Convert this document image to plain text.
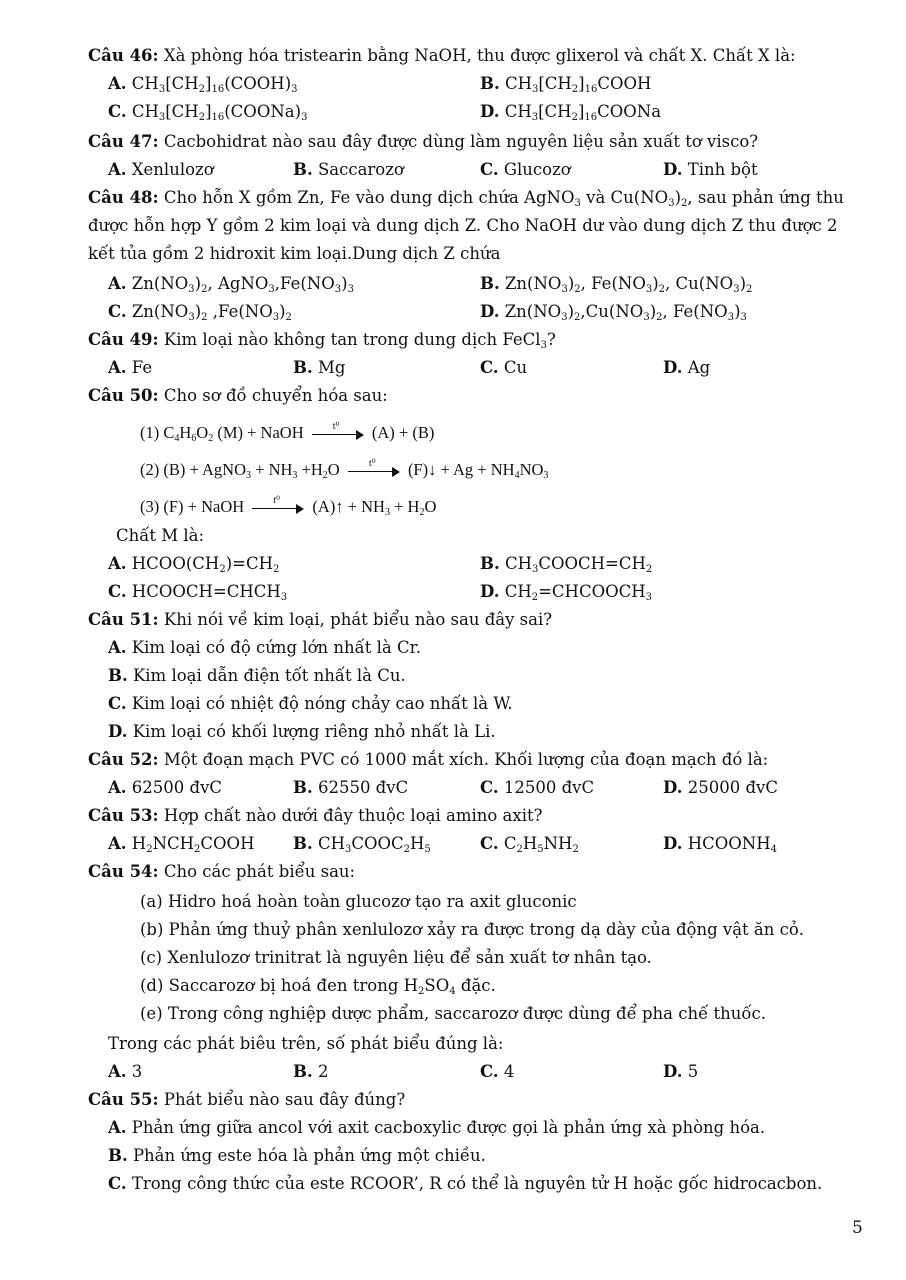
Câu 46: Xà phòng hóa tristearin bằng NaOH, thu được glixerol và chất X. Chất X là:
A. $CH_3[CH_2]_{16}(COOH)_3$	B. $CH_3[CH_2]_{16}COOH$
C. $CH_3[CH_2]_{16}(COONa)_3$	D. $CH_3[CH_2]_{16}COONa$
Câu 47: Cacbohidrat nào sau đây được dùng làm nguyên liệu sản xuất tơ visco?
A. Xenlulozơ	B. Saccarozơ	C. Glucozơ	D. Tinh bột
Câu 48: Cho hỗn X gồm Zn, Fe vào dung dịch chứa AgNO$_3$ và $Cu(NO_3)_2$, sau phản ứng thu
được hỗn hợp Y gồm 2 kim loại và dung dịch Z. Cho NaOH dư vào dung dịch Z thu được 2
kết tủa gồm 2 hidroxit kim loại.Dung dịch Z chứa
A. $Zn(NO_3)_2$, $AgNO_3,Fe(NO_3)_3$	B. $Zn(NO_3)_2$, $Fe(NO_3)_2$, $Cu(NO_3)_2$
C. $Zn(NO_3)_2$ $,Fe(NO_3)_2$	D. $Zn(NO_3)_2,Cu(NO_3)_2$, $Fe(NO_3)_3$
Câu 49: Kim loại nào không tan trong dung dịch FeCl$_3$?
A. Fe	B. Mg	C. Cu	D. Ag
Câu 50: Cho sơ đồ chuyển hóa sau:
(1) $C_4H_6O_2$ (M) + NaOH	t⁰ (A) + (B)
(2) (B) + AgNO$_3$ + $NH_3 +H_2O$	t⁰ (F)↓ + $Ag + NH_4NO_3$
(3) (F) + NaOH	t⁰ (A)↑ + $NH_3 + H_2O$
Chất M là:
A. $HCOO(CH_2)=CH_2$	B. $CH_3COOCH=CH_2$
C. $HCOOCH=CHCH_3$	D. $CH_2=CHCOOCH_3$
Câu 51: Khi nói về kim loại, phát biểu nào sau đây sai?
A. Kim loại có độ cứng lớn nhất là Cr.
B. Kim loại dẫn điện tốt nhất là Cu.
C. Kim loại có nhiệt độ nóng chảy cao nhất là W.
D. Kim loại có khối lượng riêng nhỏ nhất là Li.
Câu 52: Một đoạn mạch PVC có 1000 mắt xích. Khối lượng của đoạn mạch đó là:
A. 62500 đvC	B. 62550 đvC	C. 12500 đvC	D. 25000 đvC
Câu 53: Hợp chất nào dưới đây thuộc loại amino axit?
A. $H_2NCH_2COOH$ B. $CH_3COOC_2H_5$	C. $C_2H_5NH_2$	D. $HCOONH_4$
Câu 54: Cho các phát biểu sau:
(a) Hidro hoá hoàn toàn glucozơ tạo ra axit gluconic
(b) Phản ứng thuỷ phân xenlulozơ xảy ra được trong dạ dày của động vật ăn cỏ.
(c) Xenlulozơ trinitrat là nguyên liệu để sản xuất tơ nhân tạo.
(d) Saccarozơ bị hoá đen trong $H_2SO_4$ đặc.
(e) Trong công nghiệp dược phẩm, saccarozơ được dùng để pha chế thuốc.
Trong các phát biêu trên, số phát biểu đúng là:
A. 3	B. 2	C. 4	D. 5
Câu 55: Phát biểu nào sau đây đúng?
A. Phản ứng giữa ancol với axit cacboxylic được gọi là phản ứng xà phòng hóa.
B. Phản ứng este hóa là phản ứng một chiều.
C. Trong công thức của este RCOOR’, R có thể là nguyên tử H hoặc gốc hidrocacbon.
5
